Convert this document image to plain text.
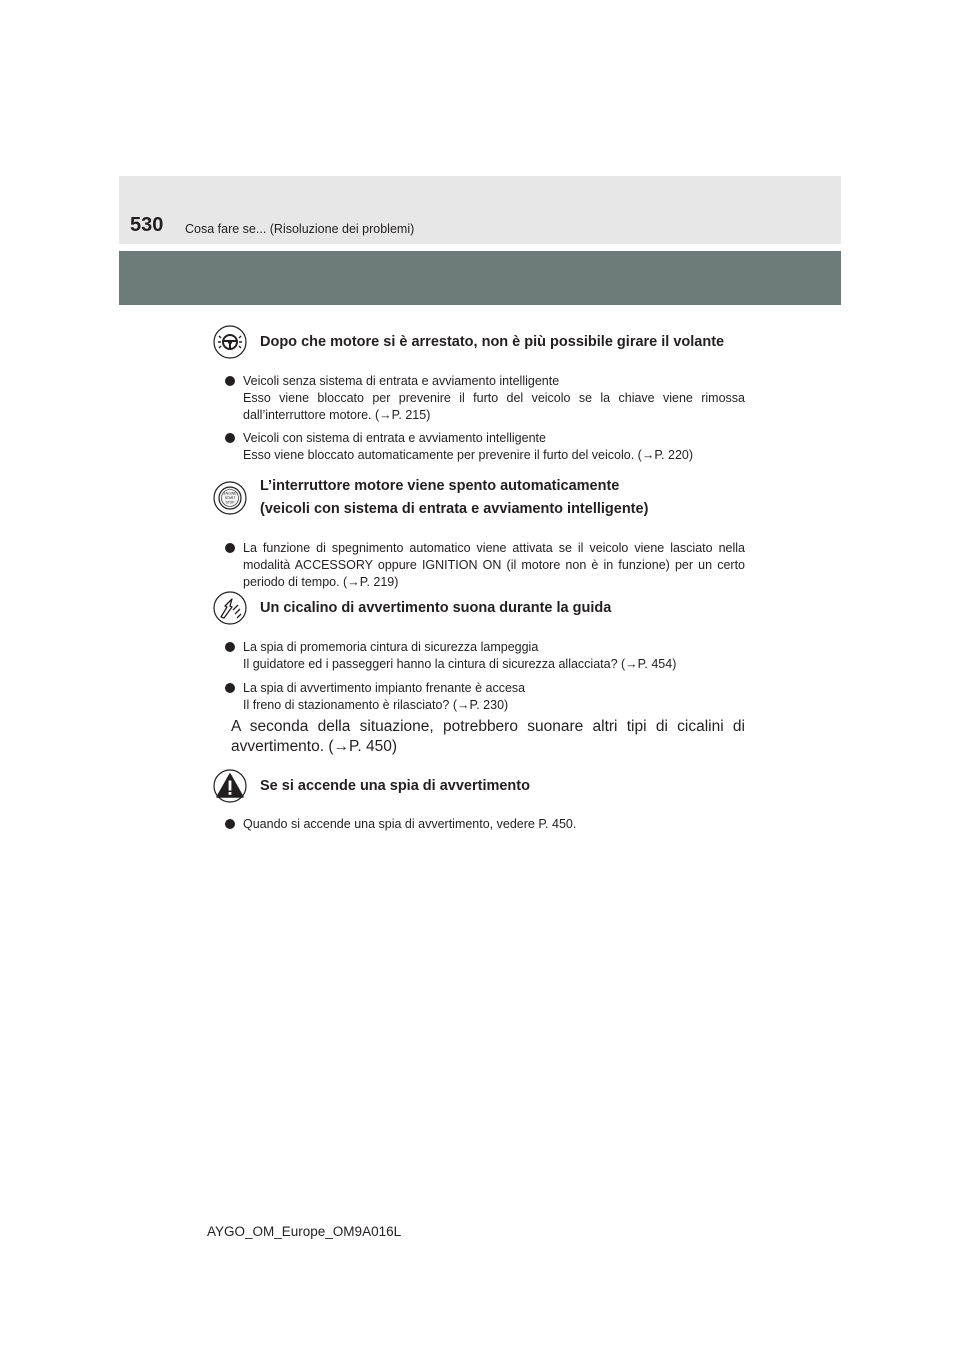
530 Cosa fare se... (Risoluzione dei problemi)
Dopo che motore si è arrestato, non è più possibile girare il volante
Veicoli senza sistema di entrata e avviamento intelligente
Esso viene bloccato per prevenire il furto del veicolo se la chiave viene rimossa dall’interruttore motore. (→P. 215)
Veicoli con sistema di entrata e avviamento intelligente
Esso viene bloccato automaticamente per prevenire il furto del veicolo. (→P. 220)
ENGINE
START
STOP
L’interruttore motore viene spento automaticamente
(veicoli con sistema di entrata e avviamento intelligente)
La funzione di spegnimento automatico viene attivata se il veicolo viene lasciato nella modalità ACCESSORY oppure IGNITION ON (il motore non è in funzione) per un certo periodo di tempo. (→P. 219)
Un cicalino di avvertimento suona durante la guida
La spia di promemoria cintura di sicurezza lampeggia
Il guidatore ed i passeggeri hanno la cintura di sicurezza allacciata? (→P. 454)
La spia di avvertimento impianto frenante è accesa
Il freno di stazionamento è rilasciato? (→P. 230)
A seconda della situazione, potrebbero suonare altri tipi di cicalini di avvertimento. (→P. 450)
Se si accende una spia di avvertimento
Quando si accende una spia di avvertimento, vedere P. 450.
AYGO_OM_Europe_OM9A016L
